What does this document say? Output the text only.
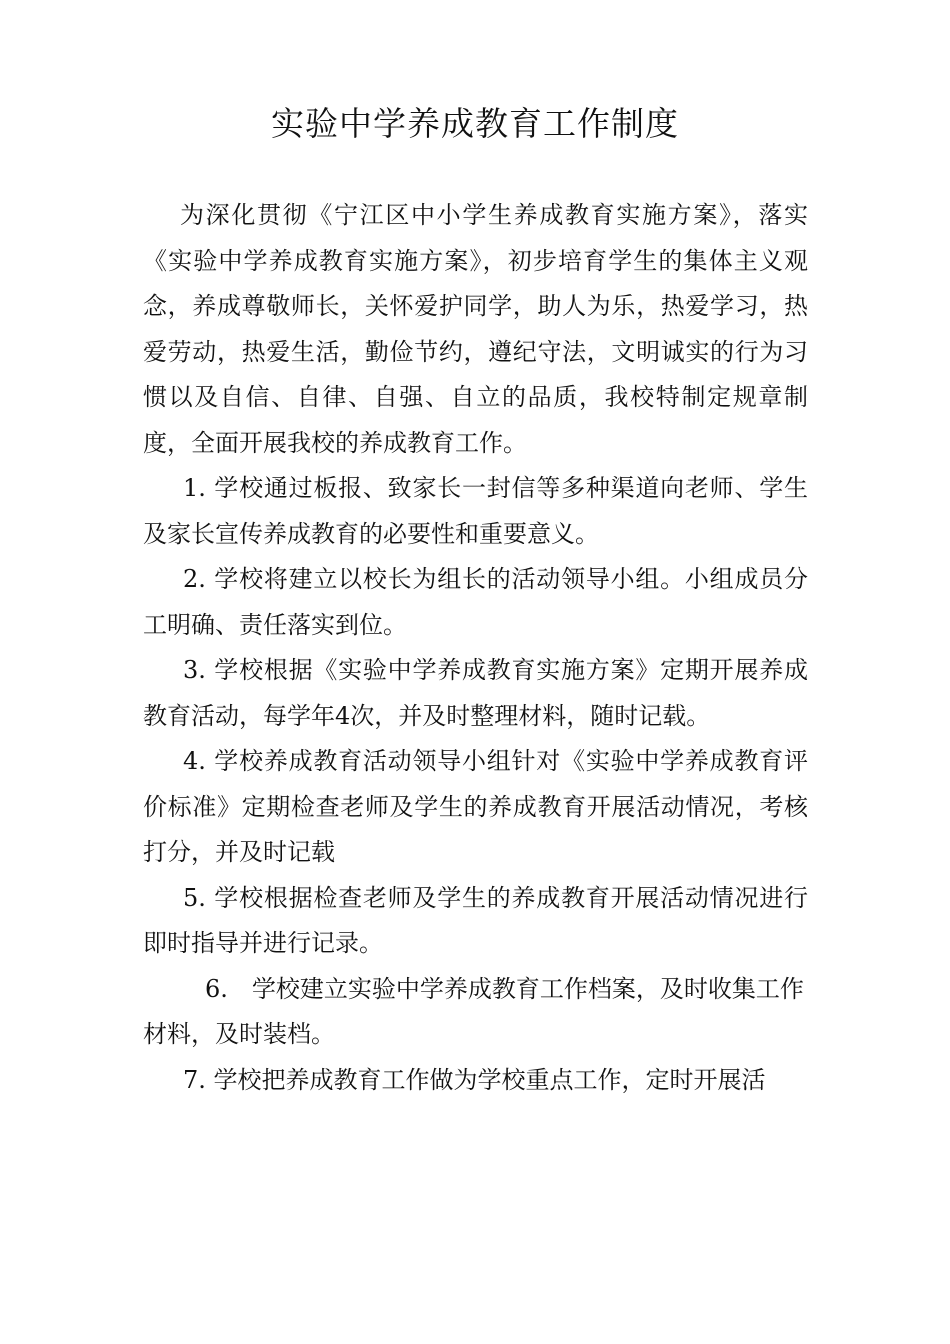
实验中学养成教育工作制度

为深化贯彻《宁江区中小学生养成教育实施方案》，落实《实验中学养成教育实施方案》，初步培育学生的集体主义观念，养成尊敬师长，关怀爱护同学，助人为乐，热爱学习，热爱劳动，热爱生活，勤俭节约，遵纪守法，文明诚实的行为习惯以及自信、自律、自强、自立的品质，我校特制定规章制度，全面开展我校的养成教育工作。

1. 学校通过板报、致家长一封信等多种渠道向老师、学生及家长宣传养成教育的必要性和重要意义。

2. 学校将建立以校长为组长的活动领导小组。小组成员分工明确、责任落实到位。

3. 学校根据《实验中学养成教育实施方案》定期开展养成教育活动，每学年4次，并及时整理材料，随时记载。

4. 学校养成教育活动领导小组针对《实验中学养成教育评价标准》定期检查老师及学生的养成教育开展活动情况，考核打分，并及时记载

5. 学校根据检查老师及学生的养成教育开展活动情况进行即时指导并进行记录。

6.　学校建立实验中学养成教育工作档案，及时收集工作

材料，及时装档。

7. 学校把养成教育工作做为学校重点工作，定时开展活
